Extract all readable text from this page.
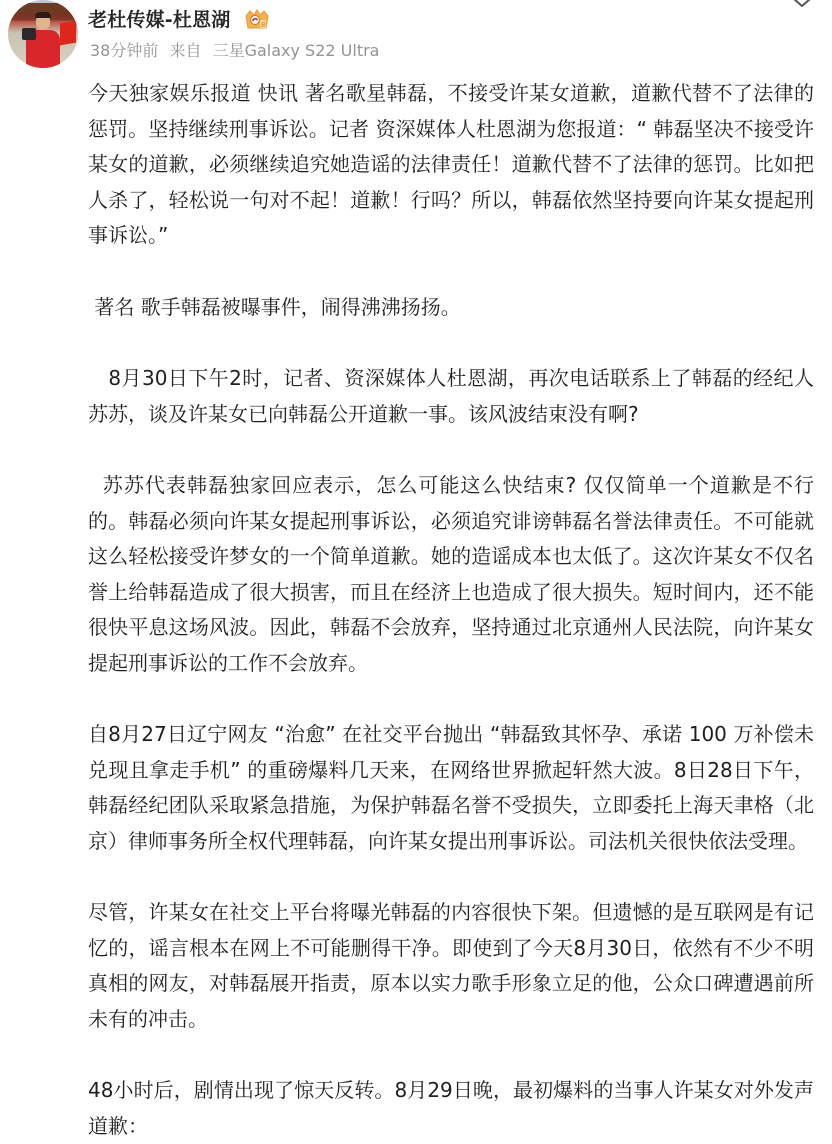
老杜传媒-杜恩湖	8
38分钟前 来自 三星Galaxy S22 Ultra

今天独家娱乐报道 快讯 著名歌星韩磊，不接受许某女道歉，道歉代替不了法律的惩罚。坚持继续刑事诉讼。记者 资深媒体人杜恩湖为您报道：“ 韩磊坚决不接受许某女的道歉，必须继续追究她造谣的法律责任！道歉代替不了法律的惩罚。比如把人杀了，轻松说一句对不起！道歉！行吗？所以，韩磊依然坚持要向许某女提起刑事诉讼。”

著名 歌手韩磊被曝事件，闹得沸沸扬扬。

8月30日下午2时，记者、资深媒体人杜恩湖，再次电话联系上了韩磊的经纪人苏苏，谈及许某女已向韩磊公开道歉一事。该风波结束没有啊?

苏苏代表韩磊独家回应表示，怎么可能这么快结束? 仅仅简单一个道歉是不行的。韩磊必须向许某女提起刑事诉讼，必须追究诽谤韩磊名誉法律责任。不可能就这么轻松接受许梦女的一个简单道歉。她的造谣成本也太低了。这次许某女不仅名誉上给韩磊造成了很大损害，而且在经济上也造成了很大损失。短时间内，还不能很快平息这场风波。因此，韩磊不会放弃，坚持通过北京通州人民法院，向许某女提起刑事诉讼的工作不会放弃。

自8月27日辽宁网友 “治愈” 在社交平台抛出 “韩磊致其怀孕、承诺 100 万补偿未兑现且拿走手机” 的重磅爆料几天来，在网络世界掀起轩然大波。8日28日下午，韩磊经纪团队采取紧急措施，为保护韩磊名誉不受损失，立即委托上海天聿格（北京）律师事务所全权代理韩磊，向许某女提出刑事诉讼。司法机关很快依法受理。

尽管，许某女在社交上平台将曝光韩磊的内容很快下架。但遗憾的是互联网是有记忆的，谣言根本在网上不可能删得干净。即使到了今天8月30日，依然有不少不明真相的网友，对韩磊展开指责，原本以实力歌手形象立足的他，公众口碑遭遇前所未有的冲击。

48小时后，剧情出现了惊天反转。8月29日晚，最初爆料的当事人许某女对外发声道歉：
